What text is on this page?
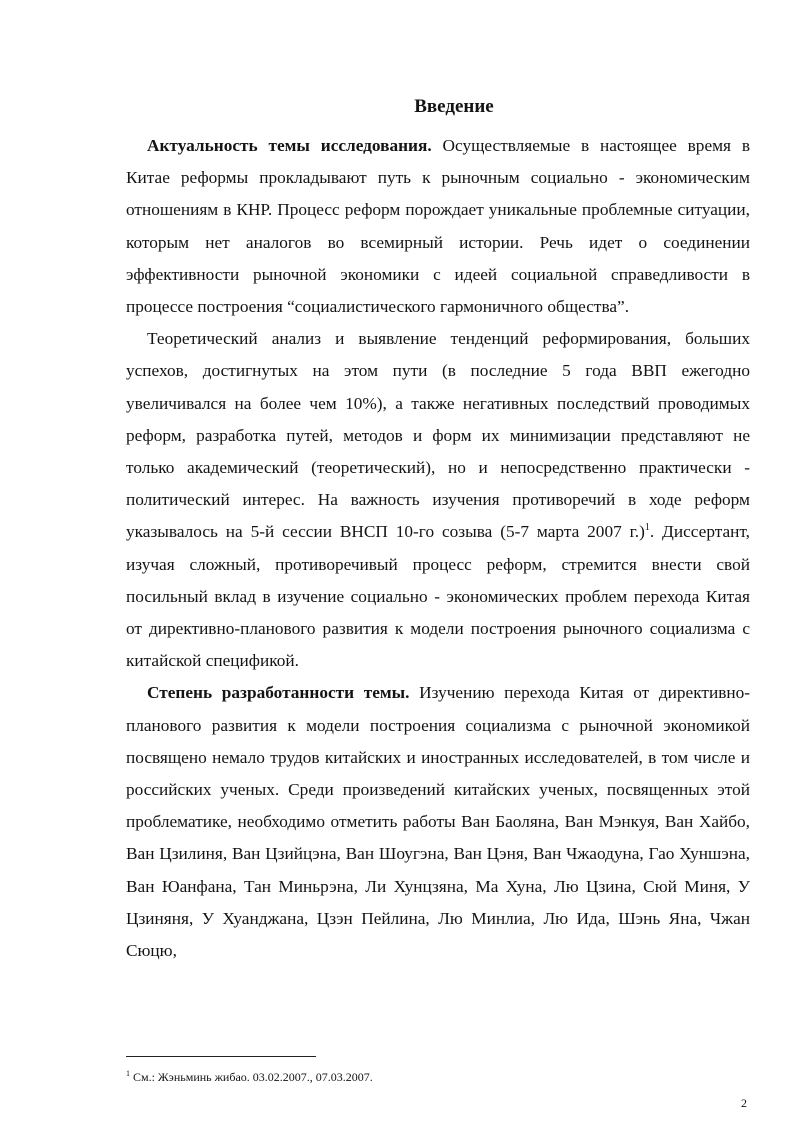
Введение

Актуальность темы исследования. Осуществляемые в настоящее время в Китае реформы прокладывают путь к рыночным социально - экономическим отношениям в КНР. Процесс реформ порождает уникальные проблемные ситуации, которым нет аналогов во всемирный истории. Речь идет о соединении эффективности рыночной экономики с идеей социальной справедливости в процессе построения “социалистического гармоничного общества”.

Теоретический анализ и выявление тенденций реформирования, больших успехов, достигнутых на этом пути (в последние 5 года ВВП ежегодно увеличивался на более чем 10%), а также негативных последствий проводимых реформ, разработка путей, методов и форм их минимизации представляют не только академический (теоретический), но и непосредственно практически - политический интерес. На важность изучения противоречий в ходе реформ указывалось на 5-й сессии ВНСП 10-го созыва (5-7 марта 2007 г.)$^1$. Диссертант, изучая сложный, противоречивый процесс реформ, стремится внести свой посильный вклад в изучение социально - экономических проблем перехода Китая от директивно-планового развития к модели построения рыночного социализма с китайской спецификой.

Степень разработанности темы. Изучению перехода Китая от директивно-планового развития к модели построения социализма с рыночной экономикой посвящено немало трудов китайских и иностранных исследователей, в том числе и российских ученых. Среди произведений китайских ученых, посвященных этой проблематике, необходимо отметить работы Ван Баоляна, Ван Мэнкуя, Ван Хайбо, Ван Цзилиня, Ван Цзийцэна, Ван Шоугэна, Ван Цэня, Ван Чжаодуна, Гао Хуншэна, Ван Юанфана, Тан Миньрэна, Ли Хунцзяна, Ма Хуна, Лю Цзина, Сюй Миня, У Цзиняня, У Хуанджана, Цзэн Пейлина, Лю Минлиа, Лю Ида, Шэнь Яна, Чжан Сюцю,

$^1$ См.: Жэньминь жибао. 03.02.2007., 07.03.2007.

2
